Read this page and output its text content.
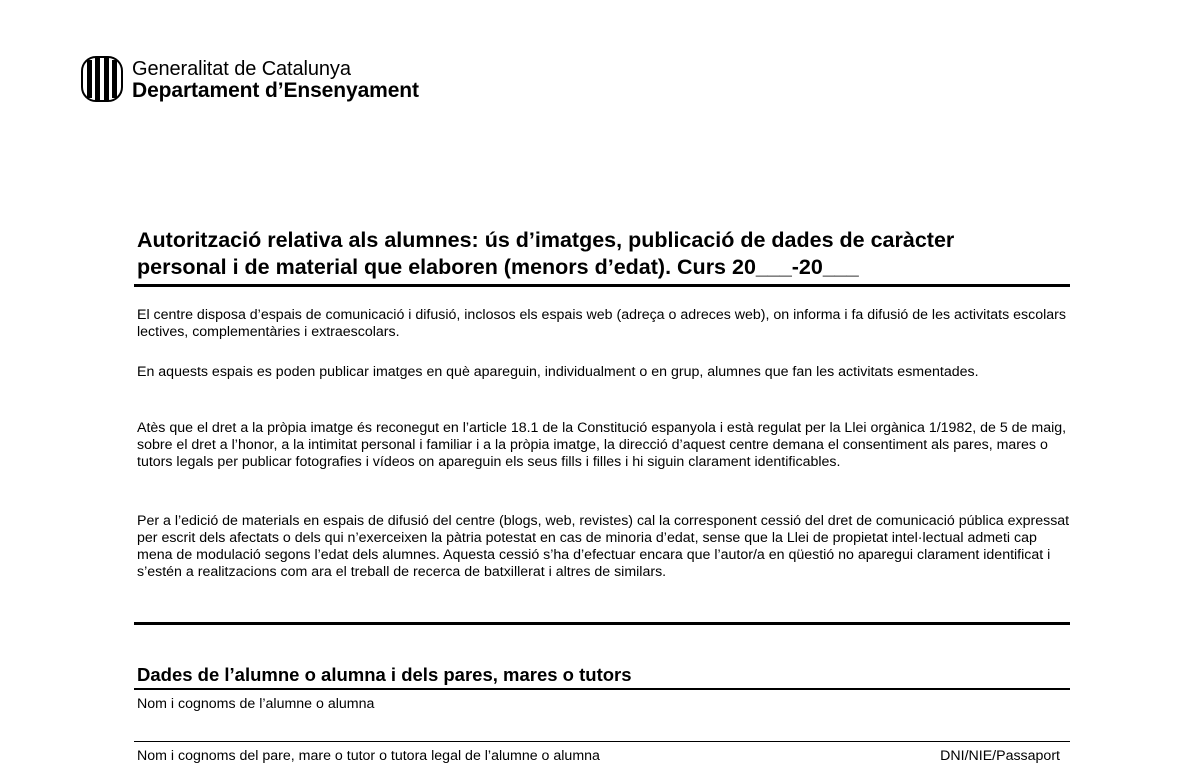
Generalitat de Catalunya
Departament d’Ensenyament
Autorització relativa als alumnes: ús d’imatges, publicació de dades de caràcter
personal i de material que elaboren (menors d’edat). Curs 20___-20___

El centre disposa d’espais de comunicació i difusió, inclosos els espais web (adreça o adreces web), on informa i fa difusió de les activitats escolars lectives, complementàries i extraescolars.

En aquests espais es poden publicar imatges en què apareguin, individualment o en grup, alumnes que fan les activitats esmentades.

Atès que el dret a la pròpia imatge és reconegut en l’article 18.1 de la Constitució espanyola i està regulat per la Llei orgànica 1/1982, de 5 de maig, sobre el dret a l’honor, a la intimitat personal i familiar i a la pròpia imatge, la direcció d’aquest centre demana el consentiment als pares, mares o tutors legals per publicar fotografies i vídeos on apareguin els seus fills i filles i hi siguin clarament identificables.

Per a l’edició de materials en espais de difusió del centre (blogs, web, revistes) cal la corresponent cessió del dret de comunicació pública expressat per escrit dels afectats o dels qui n’exerceixen la pàtria potestat en cas de minoria d’edat, sense que la Llei de propietat intel·lectual admeti cap mena de modulació segons l’edat dels alumnes. Aquesta cessió s’ha d’efectuar encara que l’autor/a en qüestió no aparegui clarament identificat i s’estén a realitzacions com ara el treball de recerca de batxillerat i altres de similars.

Dades de l’alumne o alumna i dels pares, mares o tutors
Nom i cognoms de l’alumne o alumna
Nom i cognoms del pare, mare o tutor o tutora legal de l’alumne o alumna	DNI/NIE/Passaport
